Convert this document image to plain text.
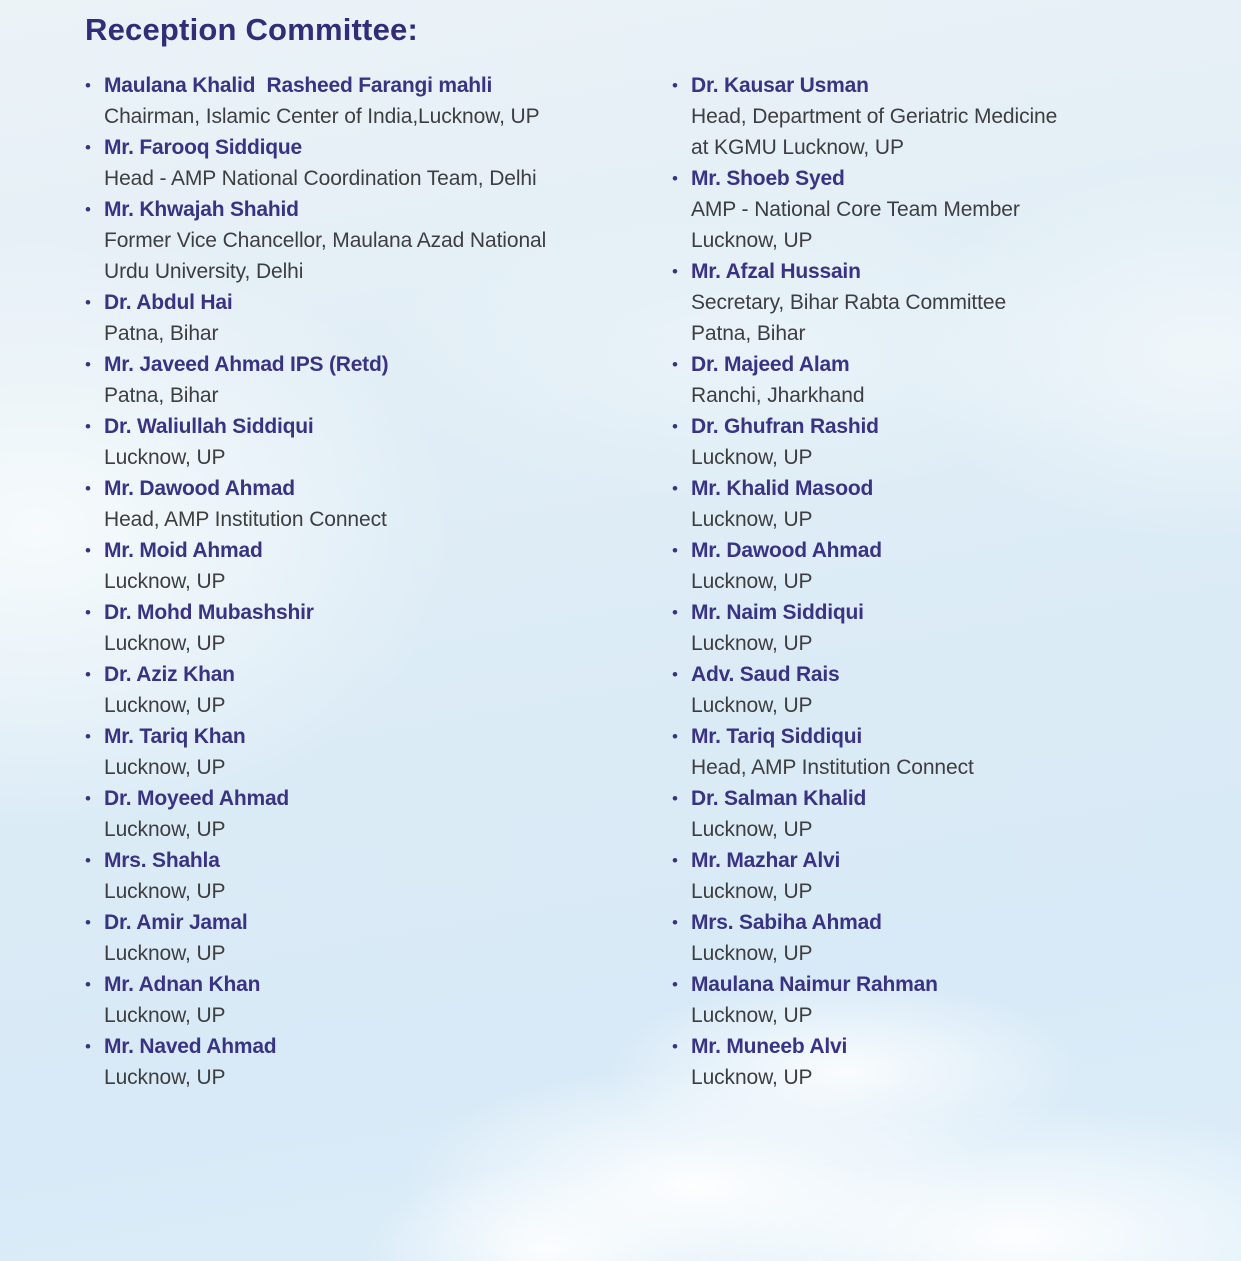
Reception Committee:
• Maulana Khalid  Rasheed Farangi mahli
Chairman, Islamic Center of India,Lucknow, UP
• Mr. Farooq Siddique
Head - AMP National Coordination Team, Delhi
• Mr. Khwajah Shahid
Former Vice Chancellor, Maulana Azad National
Urdu University, Delhi
• Dr. Abdul Hai
Patna, Bihar
• Mr. Javeed Ahmad IPS (Retd)
Patna, Bihar
• Dr. Waliullah Siddiqui
Lucknow, UP
• Mr. Dawood Ahmad
Head, AMP Institution Connect
• Mr. Moid Ahmad
Lucknow, UP
• Dr. Mohd Mubashshir
Lucknow, UP
• Dr. Aziz Khan
Lucknow, UP
• Mr. Tariq Khan
Lucknow, UP
• Dr. Moyeed Ahmad
Lucknow, UP
• Mrs. Shahla
Lucknow, UP
• Dr. Amir Jamal
Lucknow, UP
• Mr. Adnan Khan
Lucknow, UP
• Mr. Naved Ahmad
Lucknow, UP
• Dr. Kausar Usman
Head, Department of Geriatric Medicine
at KGMU Lucknow, UP
• Mr. Shoeb Syed
AMP - National Core Team Member
Lucknow, UP
• Mr. Afzal Hussain
Secretary, Bihar Rabta Committee
Patna, Bihar
• Dr. Majeed Alam
Ranchi, Jharkhand
• Dr. Ghufran Rashid
Lucknow, UP
• Mr. Khalid Masood
Lucknow, UP
• Mr. Dawood Ahmad
Lucknow, UP
• Mr. Naim Siddiqui
Lucknow, UP
• Adv. Saud Rais
Lucknow, UP
• Mr. Tariq Siddiqui
Head, AMP Institution Connect
• Dr. Salman Khalid
Lucknow, UP
• Mr. Mazhar Alvi
Lucknow, UP
• Mrs. Sabiha Ahmad
Lucknow, UP
• Maulana Naimur Rahman
Lucknow, UP
• Mr. Muneeb Alvi
Lucknow, UP
